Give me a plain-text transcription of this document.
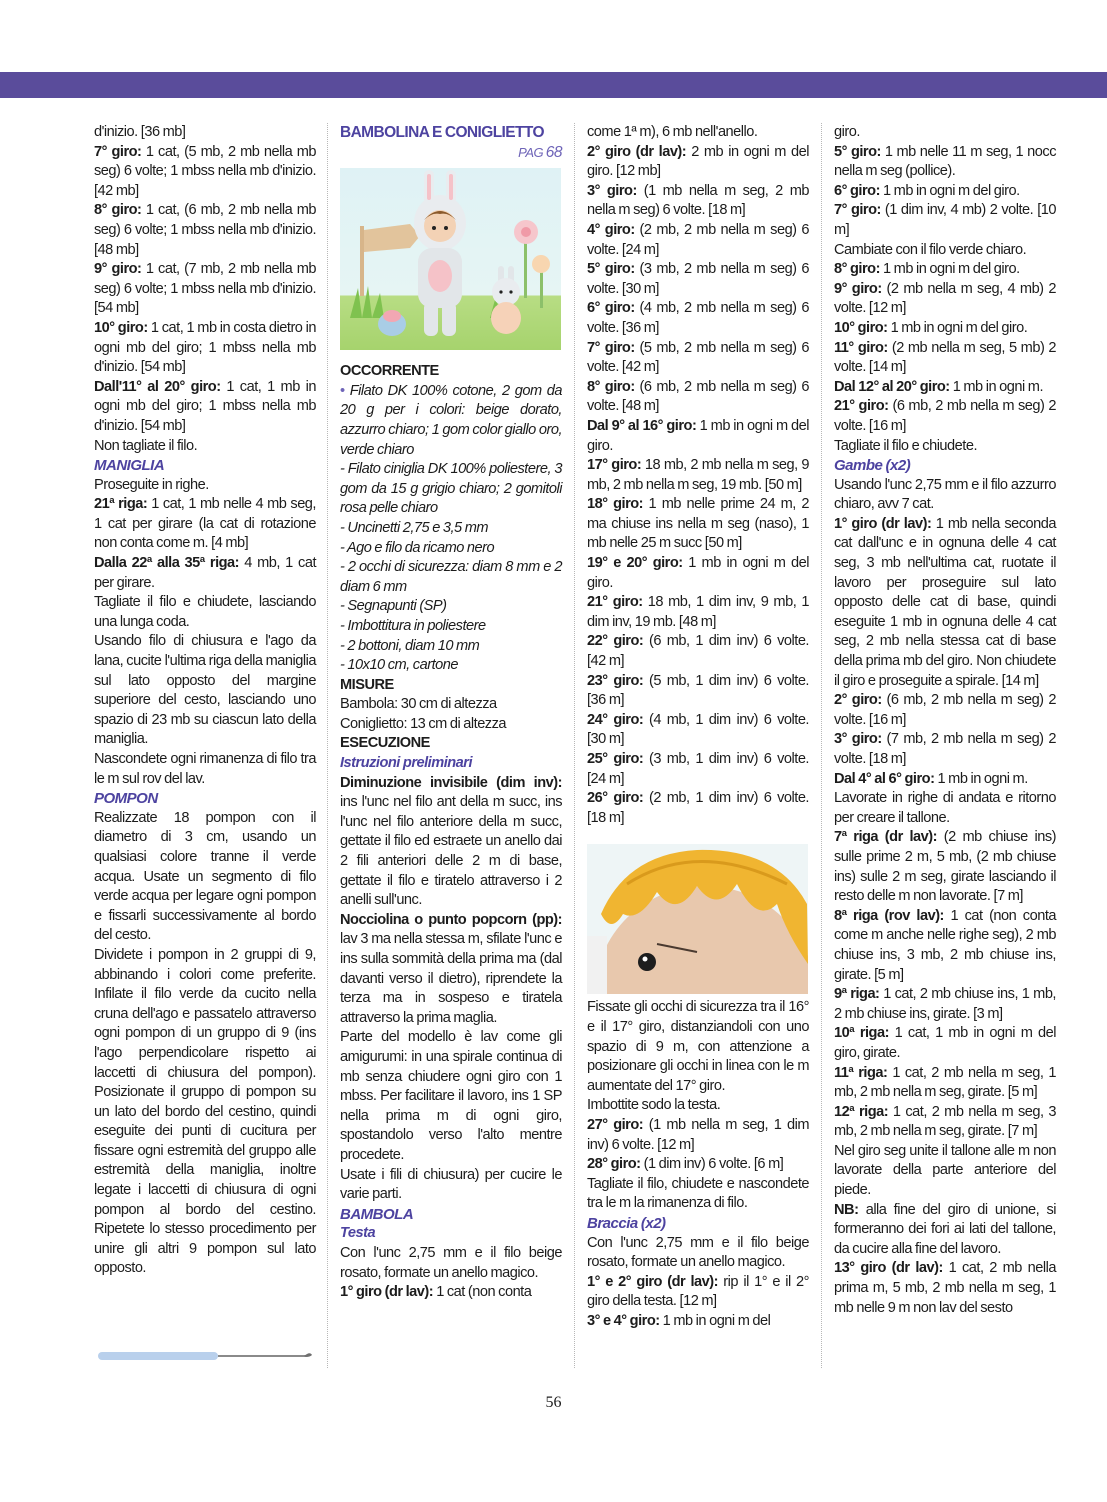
d'inizio. [36 mb]

7° giro: 1 cat, (5 mb, 2 mb nella mb seg) 6 volte; 1 mbss nella mb d'inizio. [42 mb]

8° giro: 1 cat, (6 mb, 2 mb nella mb seg) 6 volte; 1 mbss nella mb d'inizio. [48 mb]

9° giro: 1 cat, (7 mb, 2 mb nella mb seg) 6 volte; 1 mbss nella mb d'inizio. [54 mb]

10° giro: 1 cat, 1 mb in costa dietro in ogni mb del giro; 1 mbss nella mb d'inizio. [54 mb]

Dall'11° al 20° giro: 1 cat, 1 mb in ogni mb del giro; 1 mbss nella mb d'inizio. [54 mb]

Non tagliate il filo.

MANIGLIA

Proseguite in righe.

21ª riga: 1 cat, 1 mb nelle 4 mb seg, 1 cat per girare (la cat di rotazione non conta come m. [4 mb]

Dalla 22ª alla 35ª riga: 4 mb, 1 cat per girare.

Tagliate il filo e chiudete, lasciando una lunga coda.

Usando filo di chiusura e l'ago da lana, cucite l'ultima riga della maniglia sul lato opposto del margine superiore del cesto, lasciando uno spazio di 23 mb su ciascun lato della maniglia.

Nascondete ogni rimanenza di filo tra le m sul rov del lav.

POMPON

Realizzate 18 pompon con il diametro di 3 cm, usando un qualsiasi colore tranne il verde acqua. Usate un segmento di filo verde acqua per legare ogni pompon e fissarli successivamente al bordo del cesto.

Dividete i pompon in 2 gruppi di 9, abbinando i colori come preferite. Infilate il filo verde da cucito nella cruna dell'ago e passatelo attraverso ogni pompon di un gruppo di 9 (ins l'ago perpendicolare rispetto ai laccetti di chiusura del pompon). Posizionate il gruppo di pompon su un lato del bordo del cestino, quindi eseguite dei punti di cucitura per fissare ogni estremità del gruppo alle estremità della maniglia, inoltre legate i laccetti di chiusura di ogni pompon al bordo del cestino. Ripetete lo stesso procedimento per unire gli altri 9 pompon sul lato opposto.

BAMBOLINA E CONIGLIETTO
PAG 68

OCCORRENTE

• Filato DK 100% cotone, 2 gom da 20 g per i colori: beige dorato, azzurro chiaro; 1 gom color giallo oro, verde chiaro

- Filato ciniglia DK 100% poliestere, 3 gom da 15 g grigio chiaro; 2 gomitoli rosa pelle chiaro

- Uncinetti 2,75 e 3,5 mm

- Ago e filo da ricamo nero

- 2 occhi di sicurezza: diam 8 mm e 2 diam 6 mm

- Segnapunti (SP)

- Imbottitura in poliestere

- 2 bottoni, diam 10 mm

- 10x10 cm, cartone

MISURE

Bambola: 30 cm di altezza

Coniglietto: 13 cm di altezza

ESECUZIONE

Istruzioni preliminari

Diminuzione invisibile (dim inv): ins l'unc nel filo ant della m succ, ins l'unc nel filo anteriore della m succ, gettate il filo ed estraete un anello dai 2 fili anteriori delle 2 m di base, gettate il filo e tiratelo attraverso i 2 anelli sull'unc.

Nocciolina o punto popcorn (pp): lav 3 ma nella stessa m, sfilate l'unc e ins sulla sommità della prima ma (dal davanti verso il dietro), riprendete la terza ma in sospeso e tiratela attraverso la prima maglia.

Parte del modello è lav come gli amigurumi: in una spirale continua di mb senza chiudere ogni giro con 1 mbss. Per facilitare il lavoro, ins 1 SP nella prima m di ogni giro, spostandolo verso l'alto mentre procedete.

Usate i fili di chiusura) per cucire le varie parti.

BAMBOLA

Testa

Con l'unc 2,75 mm e il filo beige rosato, formate un anello magico.

1° giro (dr lav): 1 cat (non conta

come 1ª m), 6 mb nell'anello.

2° giro (dr lav): 2 mb in ogni m del giro. [12 mb]

3° giro: (1 mb nella m seg, 2 mb nella m seg) 6 volte. [18 m]

4° giro: (2 mb, 2 mb nella m seg) 6 volte. [24 m]

5° giro: (3 mb, 2 mb nella m seg) 6 volte. [30 m]

6° giro: (4 mb, 2 mb nella m seg) 6 volte. [36 m]

7° giro: (5 mb, 2 mb nella m seg) 6 volte. [42 m]

8° giro: (6 mb, 2 mb nella m seg) 6 volte. [48 m]

Dal 9° al 16° giro: 1 mb in ogni m del giro.

17° giro: 18 mb, 2 mb nella m seg, 9 mb, 2 mb nella m seg, 19 mb. [50 m]

18° giro: 1 mb nelle prime 24 m, 2 ma chiuse ins nella m seg (naso), 1 mb nelle 25 m succ [50 m]

19° e 20° giro: 1 mb in ogni m del giro.

21° giro: 18 mb, 1 dim inv, 9 mb, 1 dim inv, 19 mb. [48 m]

22° giro: (6 mb, 1 dim inv) 6 volte. [42 m]

23° giro: (5 mb, 1 dim inv) 6 volte. [36 m]

24° giro: (4 mb, 1 dim inv) 6 volte. [30 m]

25° giro: (3 mb, 1 dim inv) 6 volte. [24 m]

26° giro: (2 mb, 1 dim inv) 6 volte. [18 m]

Fissate gli occhi di sicurezza tra il 16° e il 17° giro, distanziandoli con uno spazio di 9 m, con attenzione a posizionare gli occhi in linea con le m aumentate del 17° giro.

Imbottite sodo la testa.

27° giro: (1 mb nella m seg, 1 dim inv) 6 volte. [12 m]

28° giro: (1 dim inv) 6 volte. [6 m]

Tagliate il filo, chiudete e nascondete tra le m la rimanenza di filo.

Braccia (x2)

Con l'unc 2,75 mm e il filo beige rosato, formate un anello magico.

1° e 2° giro (dr lav): rip il 1° e il 2° giro della testa. [12 m]

3° e 4° giro: 1 mb in ogni m del

giro.

5° giro: 1 mb nelle 11 m seg, 1 nocc nella m seg (pollice).

6° giro: 1 mb in ogni m del giro.

7° giro: (1 dim inv, 4 mb) 2 volte. [10 m]

Cambiate con il filo verde chiaro.

8° giro: 1 mb in ogni m del giro.

9° giro: (2 mb nella m seg, 4 mb) 2 volte. [12 m]

10° giro: 1 mb in ogni m del giro.

11° giro: (2 mb nella m seg, 5 mb) 2 volte. [14 m]

Dal 12° al 20° giro: 1 mb in ogni m.

21° giro: (6 mb, 2 mb nella m seg) 2 volte. [16 m]

Tagliate il filo e chiudete.

Gambe (x2)

Usando l'unc 2,75 mm e il filo azzurro chiaro, avv 7 cat.

1° giro (dr lav): 1 mb nella seconda cat dall'unc e in ognuna delle 4 cat seg, 3 mb nell'ultima cat, ruotate il lavoro per proseguire sul lato opposto delle cat di base, quindi eseguite 1 mb in ognuna delle 4 cat seg, 2 mb nella stessa cat di base della prima mb del giro. Non chiudete il giro e proseguite a spirale. [14 m]

2° giro: (6 mb, 2 mb nella m seg) 2 volte. [16 m]

3° giro: (7 mb, 2 mb nella m seg) 2 volte. [18 m]

Dal 4° al 6° giro: 1 mb in ogni m.

Lavorate in righe di andata e ritorno per creare il tallone.

7ª riga (dr lav): (2 mb chiuse ins) sulle prime 2 m, 5 mb, (2 mb chiuse ins) sulle 2 m seg, girate lasciando il resto delle m non lavorate. [7 m]

8ª riga (rov lav): 1 cat (non conta come m anche nelle righe seg), 2 mb chiuse ins, 3 mb, 2 mb chiuse ins, girate. [5 m]

9ª riga: 1 cat, 2 mb chiuse ins, 1 mb, 2 mb chiuse ins, girate. [3 m]

10ª riga: 1 cat, 1 mb in ogni m del giro, girate.

11ª riga: 1 cat, 2 mb nella m seg, 1 mb, 2 mb nella m seg, girate. [5 m]

12ª riga: 1 cat, 2 mb nella m seg, 3 mb, 2 mb nella m seg, girate. [7 m]

Nel giro seg unite il tallone alle m non lavorate della parte anteriore del piede.

NB: alla fine del giro di unione, si formeranno dei fori ai lati del tallone, da cucire alla fine del lavoro.

13° giro (dr lav): 1 cat, 2 mb nella prima m, 5 mb, 2 mb nella m seg, 1 mb nelle 9 m non lav del sesto

56
